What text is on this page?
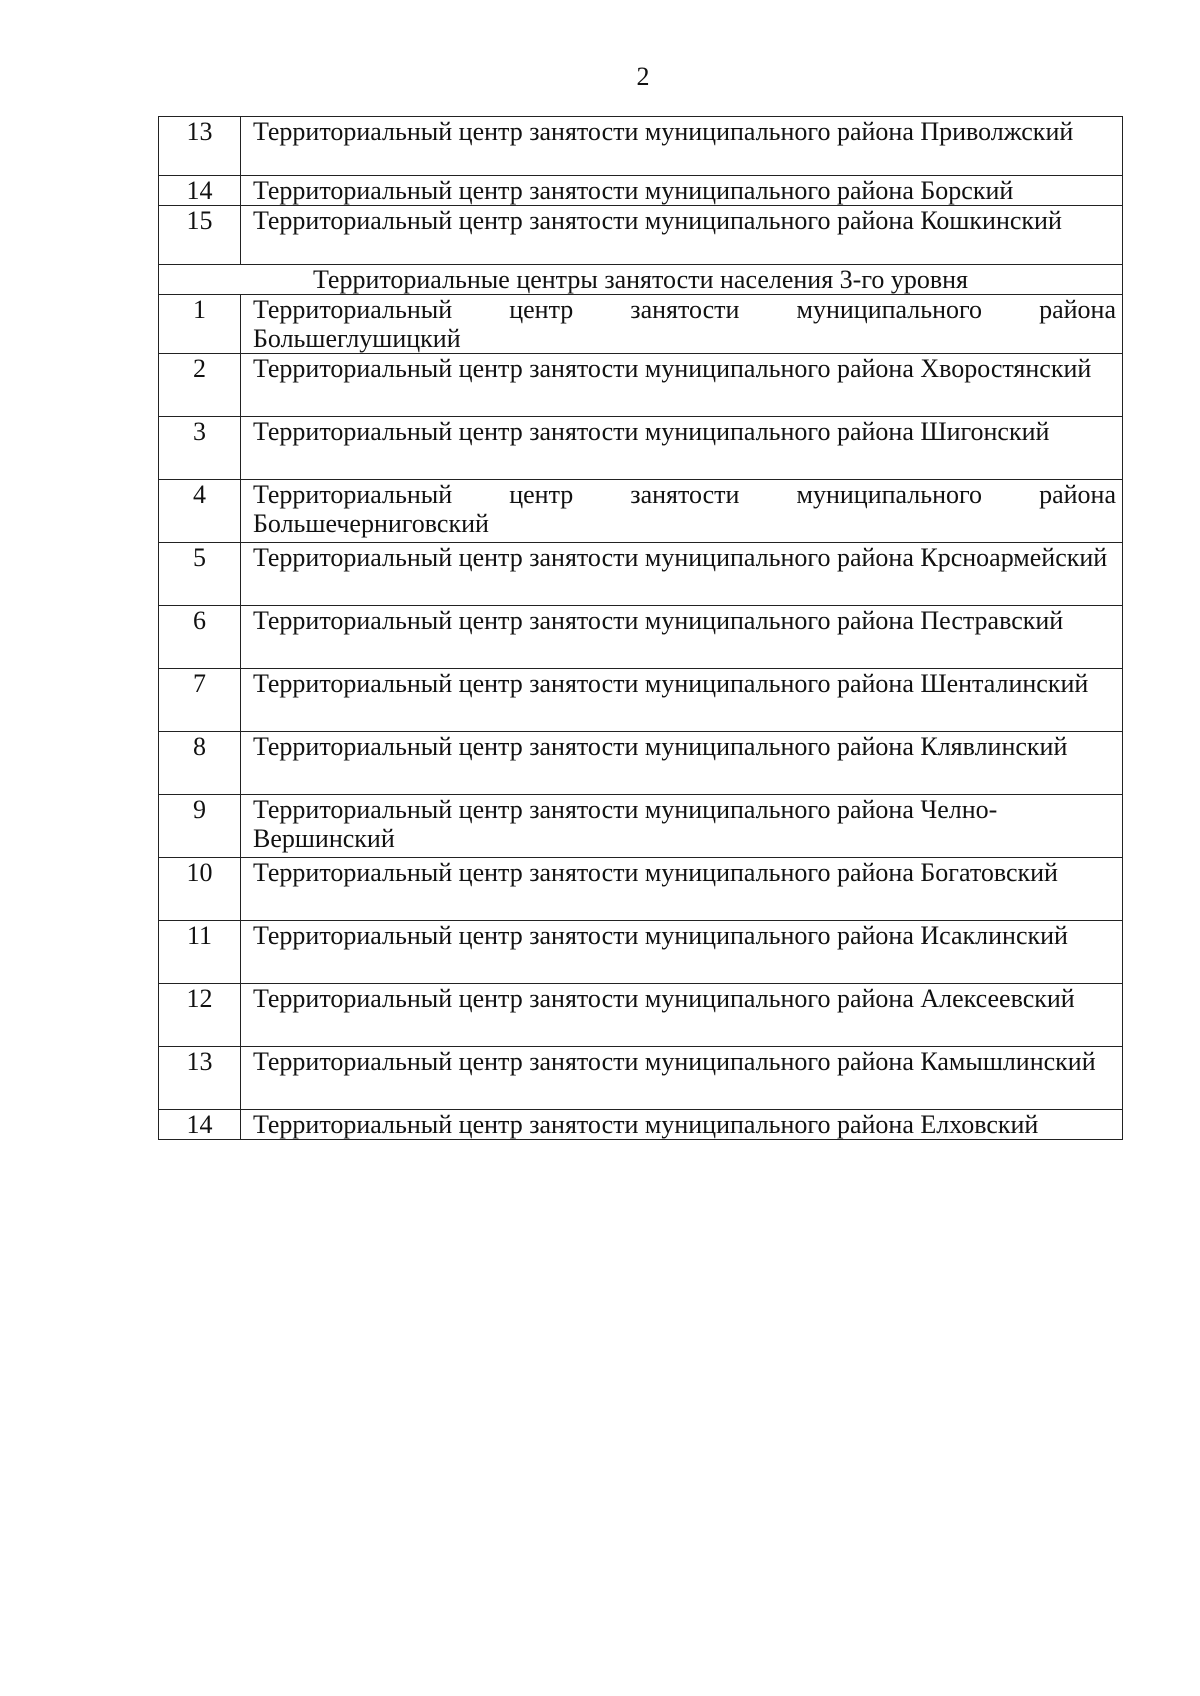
2
13	Территориальный центр занятости муниципального района Приволжский
14	Территориальный центр занятости муниципального района Борский
15	Территориальный центр занятости муниципального района Кошкинский
Территориальные центры занятости населения 3-го уровня	
1	Территориальный центр занятости муниципального района Большеглушицкий
2	Территориальный центр занятости муниципального района Хворостянский
3	Территориальный центр занятости муниципального района Шигонский
4	Территориальный центр занятости муниципального района Большечерниговский
5	Территориальный центр занятости муниципального района Крсноармейский
6	Территориальный центр занятости муниципального района Пестравский
7	Территориальный центр занятости муниципального района Шенталинский
8	Территориальный центр занятости муниципального района Клявлинский
9	Территориальный центр занятости муниципального района Челно-Вершинский
10	Территориальный центр занятости муниципального района Богатовский
11	Территориальный центр занятости муниципального района Исаклинский
12	Территориальный центр занятости муниципального района Алексеевский
13	Территориальный центр занятости муниципального района Камышлинский
14	Территориальный центр занятости муниципального района Елховский
